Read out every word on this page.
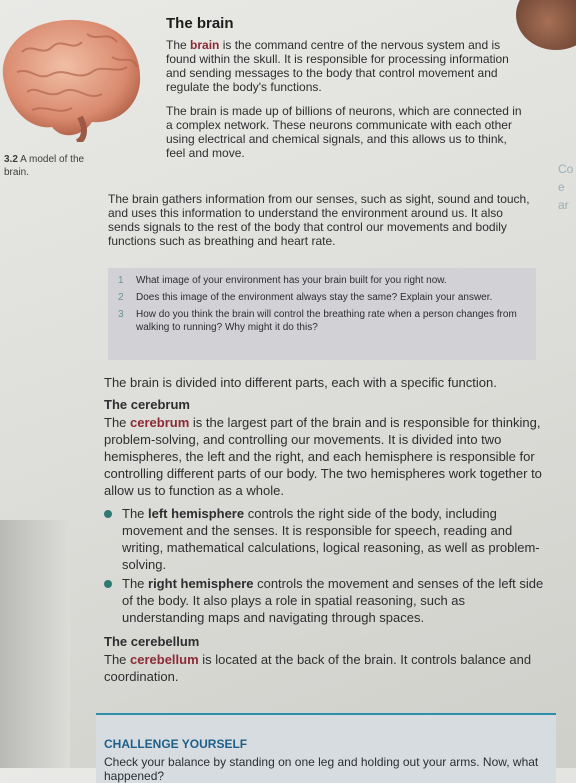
3.2 A model of the brain.	Co
e
ar
The brain

The brain is the command centre of the nervous system and is found within the skull. It is responsible for processing information and sending messages to the body that control movement and regulate the body's functions.

The brain is made up of billions of neurons, which are connected in a complex network. These neurons communicate with each other using electrical and chemical signals, and this allows us to think, feel and move.

The brain gathers information from our senses, such as sight, sound and touch, and uses this information to understand the environment around us. It also sends signals to the rest of the body that control our movements and bodily functions such as breathing and heart rate.

1	What image of your environment has your brain built for you right now.
2	Does this image of the environment always stay the same? Explain your answer.
3	How do you think the brain will control the breathing rate when a person changes from walking to running? Why might it do this?

The brain is divided into different parts, each with a specific function.

The cerebrum

The cerebrum is the largest part of the brain and is responsible for thinking, problem-solving, and controlling our movements. It is divided into two hemispheres, the left and the right, and each hemisphere is responsible for controlling different parts of our body. The two hemispheres work together to allow us to function as a whole.

The left hemisphere controls the right side of the body, including movement and the senses. It is responsible for speech, reading and writing, mathematical calculations, logical reasoning, as well as problem-solving.
The right hemisphere controls the movement and senses of the left side of the body. It also plays a role in spatial reasoning, such as understanding maps and navigating through spaces.
The cerebellum

The cerebellum is located at the back of the brain. It controls balance and coordination.

CHALLENGE YOURSELF
Check your balance by standing on one leg and holding out your arms. Now, what happened?
